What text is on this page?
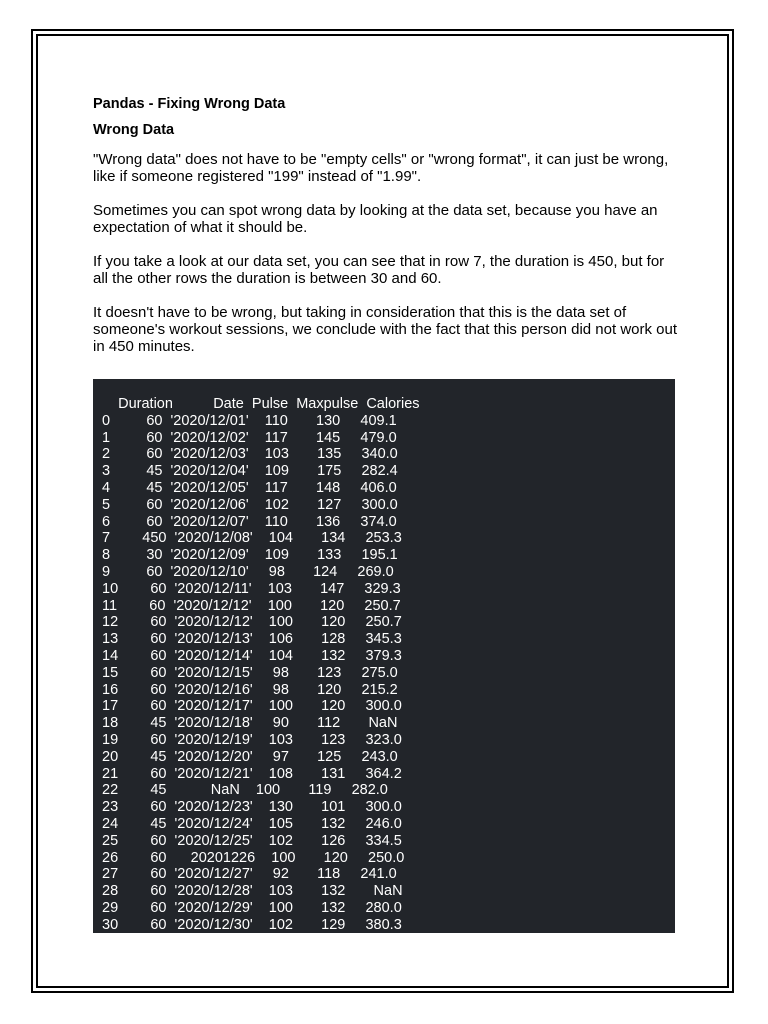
Pandas - Fixing Wrong Data

Wrong Data

"Wrong data" does not have to be "empty cells" or "wrong format", it can just be wrong, like if someone registered "199" instead of "1.99".

Sometimes you can spot wrong data by looking at the data set, because you have an expectation of what it should be.

If you take a look at our data set, you can see that in row 7, the duration is 450, but for all the other rows the duration is between 30 and 60.

It doesn't have to be wrong, but taking in consideration that this is the data set of someone's workout sessions, we conclude with the fact that this person did not work out in 450 minutes.

Duration          Date  Pulse  Maxpulse  Calories
0         60  '2020/12/01'    110       130     409.1
1         60  '2020/12/02'    117       145     479.0
2         60  '2020/12/03'    103       135     340.0
3         45  '2020/12/04'    109       175     282.4
4         45  '2020/12/05'    117       148     406.0
5         60  '2020/12/06'    102       127     300.0
6         60  '2020/12/07'    110       136     374.0
7        450  '2020/12/08'    104       134     253.3
8         30  '2020/12/09'    109       133     195.1
9         60  '2020/12/10'     98       124     269.0
10        60  '2020/12/11'    103       147     329.3
11        60  '2020/12/12'    100       120     250.7
12        60  '2020/12/12'    100       120     250.7
13        60  '2020/12/13'    106       128     345.3
14        60  '2020/12/14'    104       132     379.3
15        60  '2020/12/15'     98       123     275.0
16        60  '2020/12/16'     98       120     215.2
17        60  '2020/12/17'    100       120     300.0
18        45  '2020/12/18'     90       112       NaN
19        60  '2020/12/19'    103       123     323.0
20        45  '2020/12/20'     97       125     243.0
21        60  '2020/12/21'    108       131     364.2
22        45           NaN    100       119     282.0
23        60  '2020/12/23'    130       101     300.0
24        45  '2020/12/24'    105       132     246.0
25        60  '2020/12/25'    102       126     334.5
26        60      20201226    100       120     250.0
27        60  '2020/12/27'     92       118     241.0
28        60  '2020/12/28'    103       132       NaN
29        60  '2020/12/29'    100       132     280.0
30        60  '2020/12/30'    102       129     380.3
